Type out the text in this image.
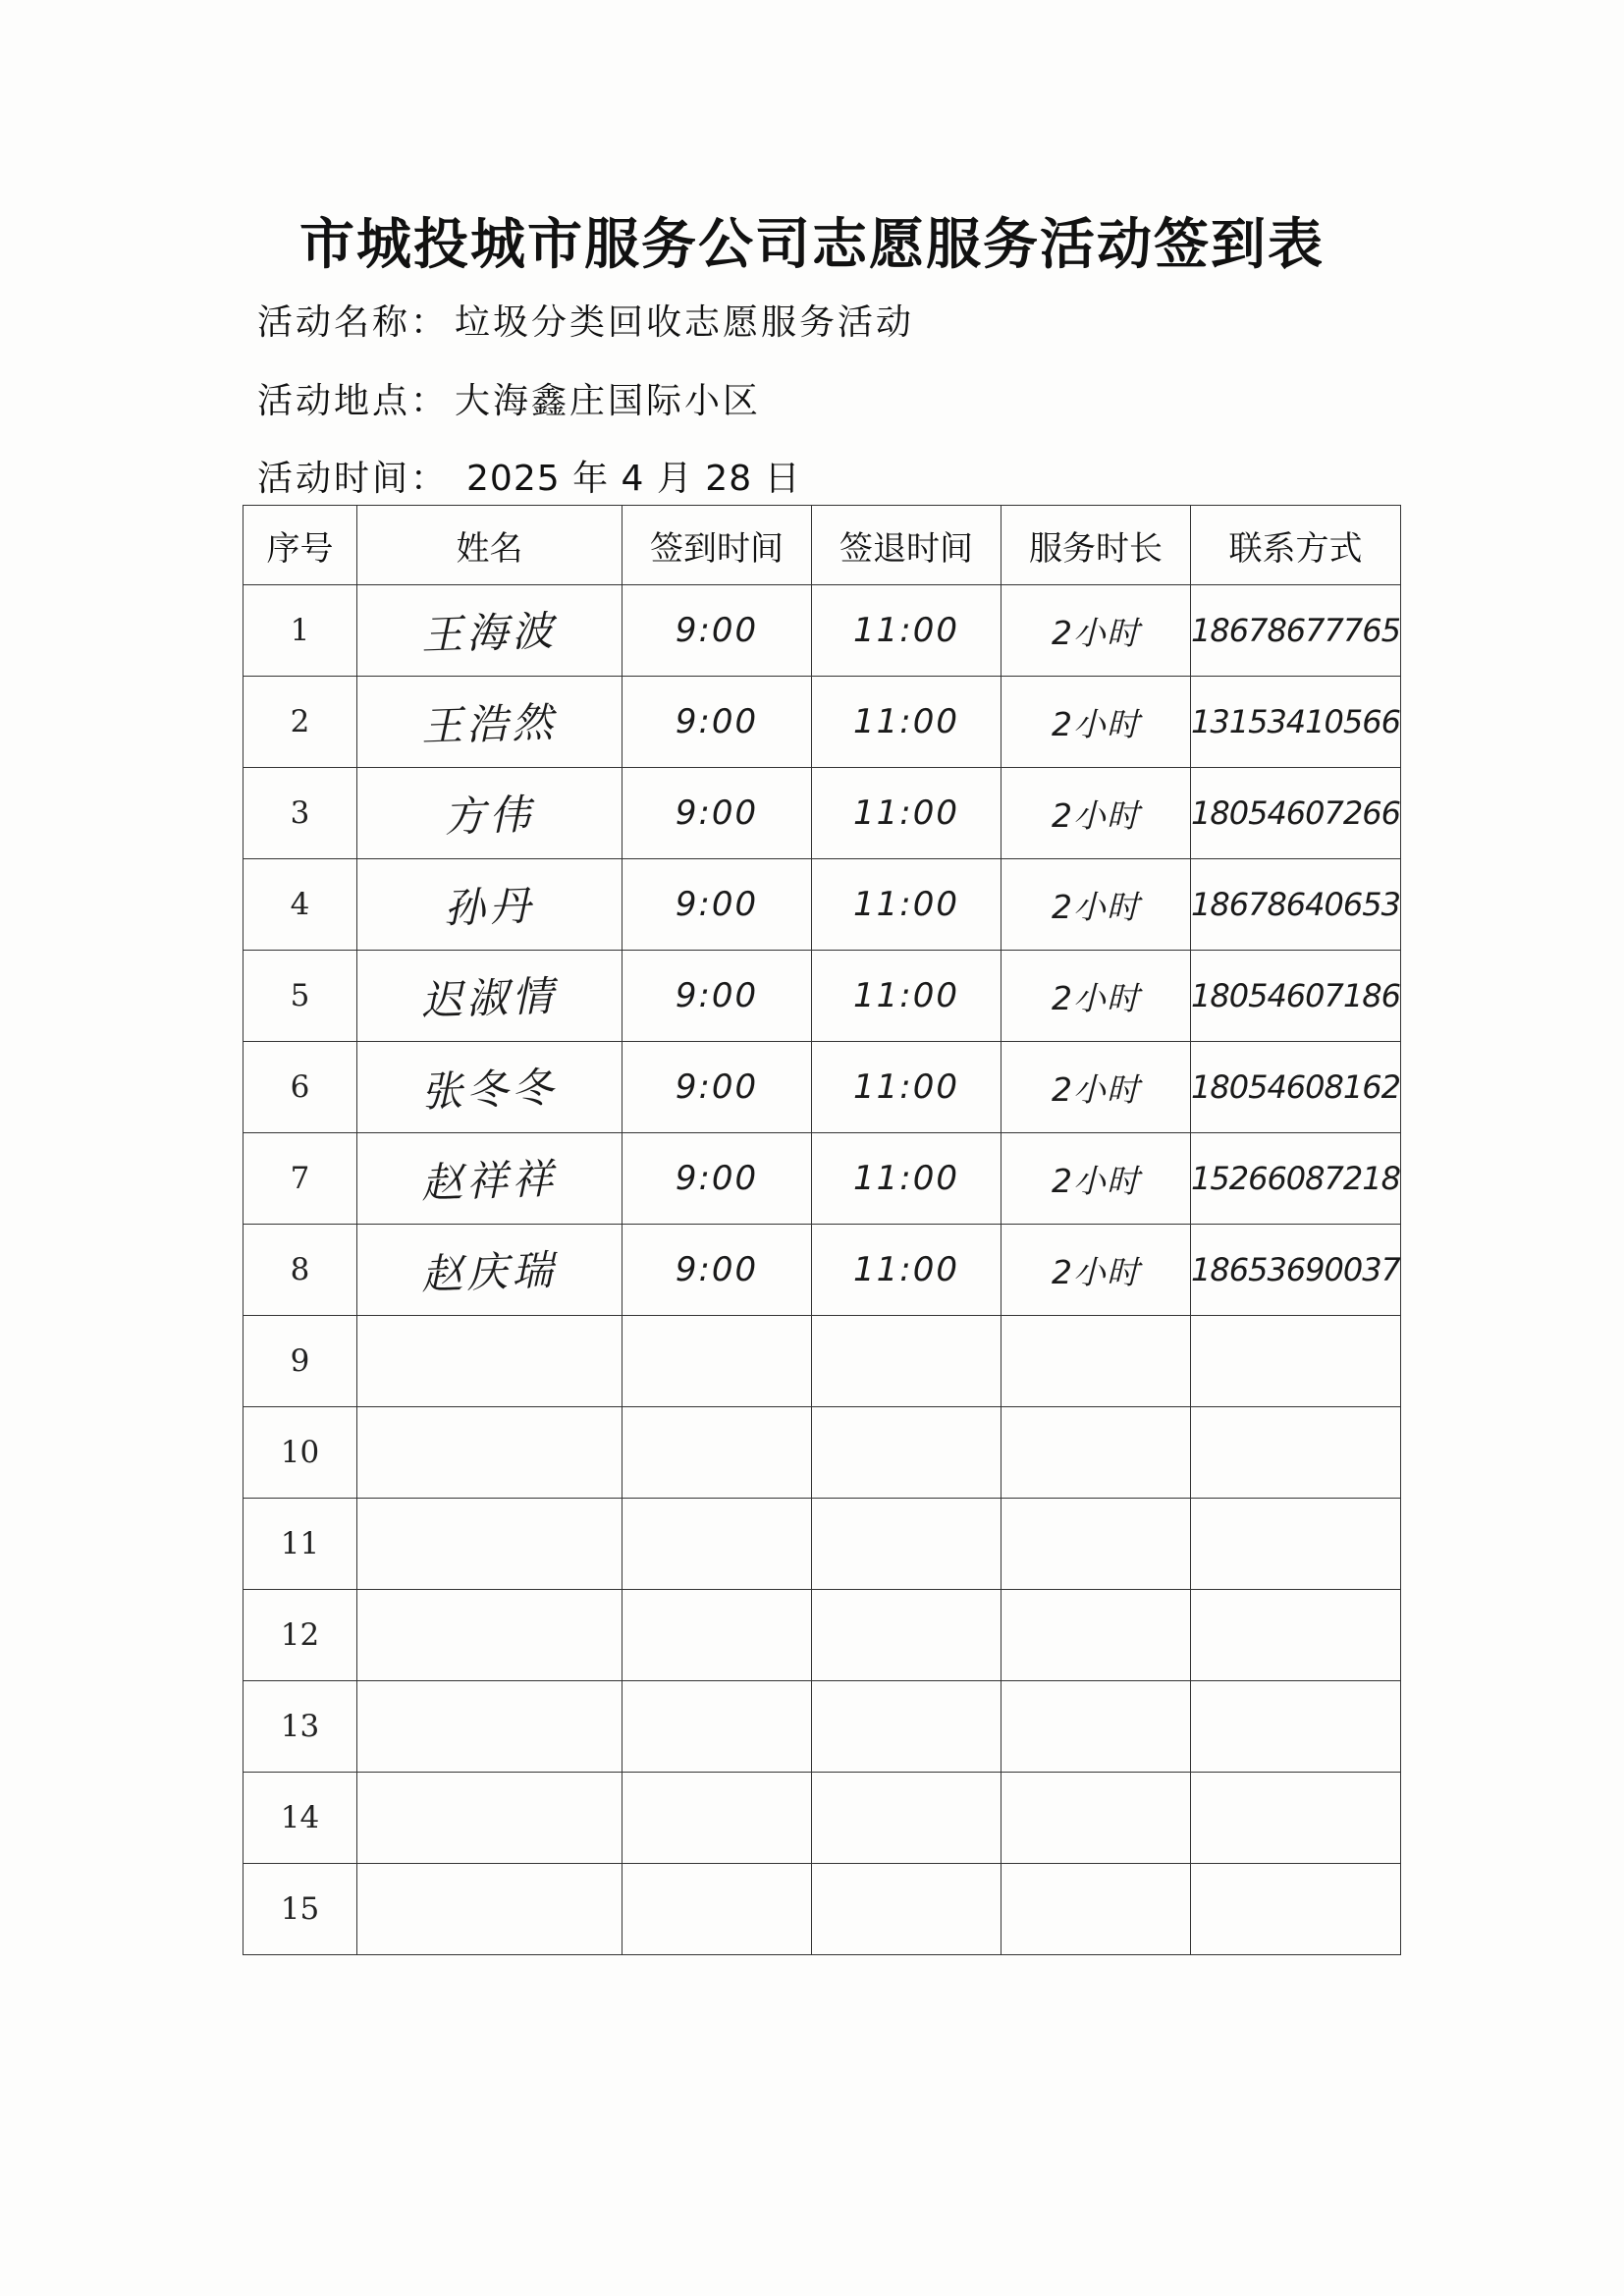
市城投城市服务公司志愿服务活动签到表
活动名称： 垃圾分类回收志愿服务活动
活动地点： 大海鑫庄国际小区
活动时间： 2025 年 4 月 28 日
序号	姓名	签到时间	签退时间	服务时长	联系方式
1	王海波	9:00	11:00	2小时	18678677765
2	王浩然	9:00	11:00	2小时	13153410566
3	方伟	9:00	11:00	2小时	18054607266
4	孙丹	9:00	11:00	2小时	18678640653
5	迟淑情	9:00	11:00	2小时	18054607186
6	张冬冬	9:00	11:00	2小时	18054608162
7	赵祥祥	9:00	11:00	2小时	15266087218
8	赵庆瑞	9:00	11:00	2小时	18653690037
9					
10					
11					
12					
13					
14					
15					
